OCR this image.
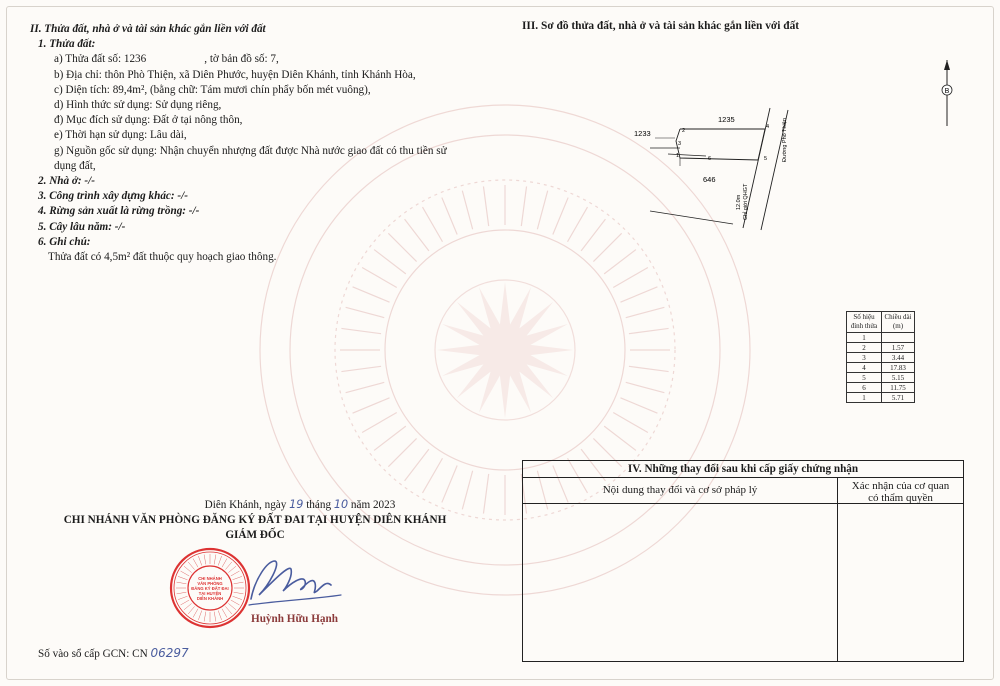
II. Thửa đất, nhà ở và tài sản khác gắn liền với đất
1. Thửa đất:
a) Thửa đất số: 1236	, tờ bản đồ số: 7,
b) Địa chỉ: thôn Phò Thiện, xã Diên Phước, huyện Diên Khánh, tỉnh Khánh Hòa,
c) Diện tích: 89,4m², (bằng chữ: Tám mươi chín phẩy bốn mét vuông),
d) Hình thức sử dụng: Sử dụng riêng,
đ) Mục đích sử dụng: Đất ở tại nông thôn,
e) Thời hạn sử dụng: Lâu dài,
g) Nguồn gốc sử dụng: Nhận chuyển nhượng đất được Nhà nước giao đất có thu tiền sử
dụng đất,
2. Nhà ở: -/-
3. Công trình xây dựng khác: -/-
4. Rừng sản xuất là rừng trồng: -/-
5. Cây lâu năm: -/-
6. Ghi chú:
Thửa đất có 4,5m² đất thuộc quy hoạch giao thông.
III. Sơ đồ thửa đất, nhà ở và tài sản khác gắn liền với đất
B
1235
1233
646
Đường Phò Thiện
12.0m Chỉ giới QHGT
1
2
3
4
5
6
Số hiệu đỉnh thửa	Chiều dài (m)
1	
2	1.57
3	3.44
4	17.83
5	5.15
6	11.75
1	5.71
Diên Khánh, ngày 19 tháng 10 năm 2023
CHI NHÁNH VĂN PHÒNG ĐĂNG KÝ ĐẤT ĐAI TẠI HUYỆN DIÊN KHÁNH
GIÁM ĐỐC
CHI NHÁNH
VĂN PHÒNG
ĐĂNG KÝ ĐẤT ĐAI
TẠI HUYỆN
DIÊN KHÁNH
Huỳnh Hữu Hạnh
Số vào sổ cấp GCN: CN 06297
IV. Những thay đổi sau khi cấp giấy chứng nhận
Nội dung thay đổi và cơ sở pháp lý	Xác nhận của cơ quan
có thẩm quyền
